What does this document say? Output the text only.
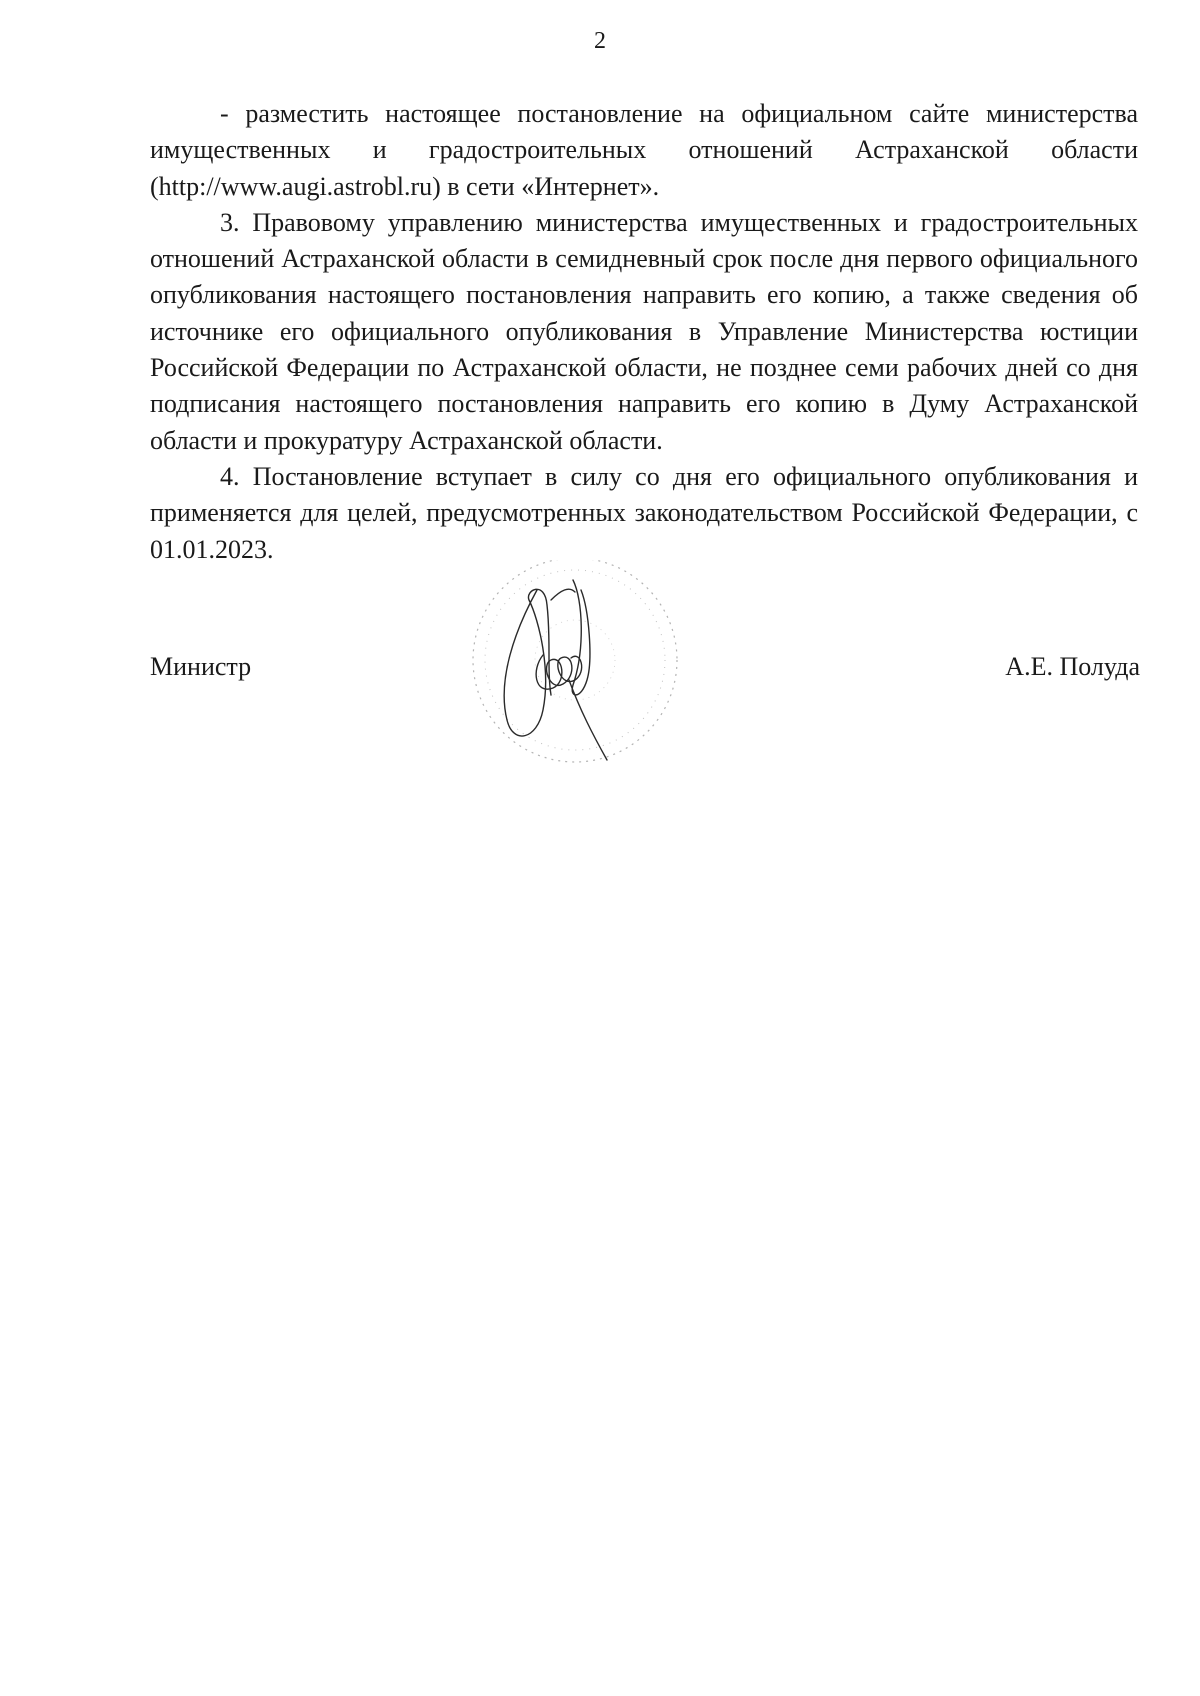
2

- разместить настоящее постановление на официальном сайте министерства имущественных и градостроительных отношений Астраханской области (http://www.augi.astrobl.ru) в сети «Интернет».

3. Правовому управлению министерства имущественных и градостроительных отношений Астраханской области в семидневный срок после дня первого официального опубликования настоящего постановления направить его копию, а также сведения об источнике его официального опубликования в Управление Министерства юстиции Российской Федерации по Астраханской области, не позднее семи рабочих дней со дня подписания настоящего постановления направить его копию в Думу Астраханской области и прокуратуру Астраханской области.

4. Постановление вступает в силу со дня его официального опубликования и применяется для целей, предусмотренных законодательством Российской Федерации, с 01.01.2023.

Министр	А.Е. Полуда
